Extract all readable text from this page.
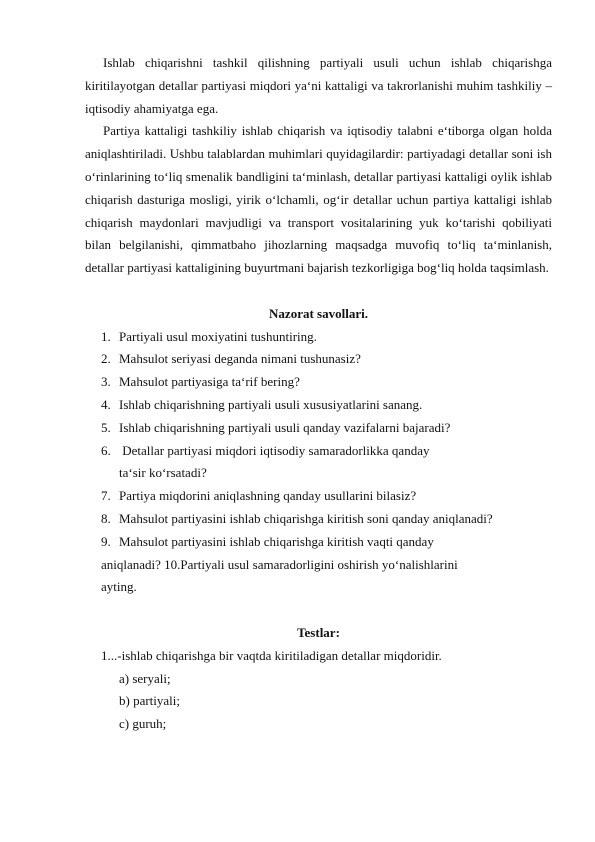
Ishlab chiqarishni tashkil qilishning partiyali usuli uchun ishlab chiqarishga kiritilayotgan detallar partiyasi miqdori ya‘ni kattaligi va takrorlanishi muhim tashkiliy – iqtisodiy ahamiyatga ega.

Partiya kattaligi tashkiliy ishlab chiqarish va iqtisodiy talabni e‘tiborga olgan holda aniqlashtiriladi. Ushbu talablardan muhimlari quyidagilardir: partiyadagi detallar soni ish o‘rinlarining to‘liq smenalik bandligini ta‘minlash, detallar partiyasi kattaligi oylik ishlab chiqarish dasturiga mosligi, yirik o‘lchamli, og‘ir detallar uchun partiya kattaligi ishlab chiqarish maydonlari mavjudligi va transport vositalarining yuk ko‘tarishi qobiliyati bilan belgilanishi, qimmatbaho jihozlarning maqsadga muvofiq to‘liq ta‘minlanish, detallar partiyasi kattaligining buyurtmani bajarish tezkorligiga bog‘liq holda taqsimlash.

Nazorat savollari.

1. Partiyali usul moxiyatini tushuntiring.
2. Mahsulot seriyasi deganda nimani tushunasiz?
3. Mahsulot partiyasiga ta‘rif bering?
4. Ishlab chiqarishning partiyali usuli xususiyatlarini sanang.
5. Ishlab chiqarishning partiyali usuli qanday vazifalarni bajaradi?
6. Detallar partiyasi miqdori iqtisodiy samaradorlikka qanday
ta‘sir ko‘rsatadi?
7. Partiya miqdorini aniqlashning qanday usullarini bilasiz?
8. Mahsulot partiyasini ishlab chiqarishga kiritish soni qanday aniqlanadi?
9. Mahsulot partiyasini ishlab chiqarishga kiritish vaqti qanday
aniqlanadi? 10.Partiyali usul samaradorligini oshirish yo‘nalishlarini
ayting.

Testlar:

1...-ishlab chiqarishga bir vaqtda kiritiladigan detallar miqdoridir.
a) seryali;
b) partiyali;
c) guruh;
